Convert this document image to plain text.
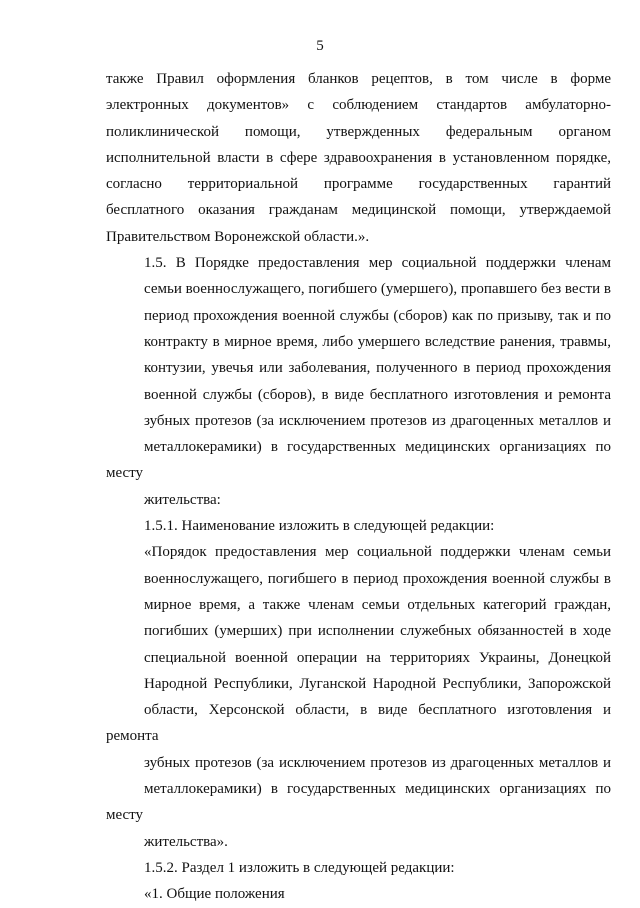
5

также Правил оформления бланков рецептов, в том числе в форме
электронных документов» с соблюдением стандартов амбулаторно-
поликлинической помощи, утвержденных федеральным органом
исполнительной власти в сфере здравоохранения в установленном порядке,
согласно территориальной программе государственных гарантий
бесплатного оказания гражданам медицинской помощи, утверждаемой
Правительством Воронежской области.».

1.5. В Порядке предоставления мер социальной поддержки членам
семьи военнослужащего, погибшего (умершего), пропавшего без вести в
период прохождения военной службы (сборов) как по призыву, так и по
контракту в мирное время, либо умершего вследствие ранения, травмы,
контузии, увечья или заболевания, полученного в период прохождения
военной службы (сборов), в виде бесплатного изготовления и ремонта
зубных протезов (за исключением протезов из драгоценных металлов и
металлокерамики) в государственных медицинских организациях по месту
жительства:

1.5.1. Наименование изложить в следующей редакции:

«Порядок предоставления мер социальной поддержки членам семьи
военнослужащего, погибшего в период прохождения военной службы в
мирное время, а также членам семьи отдельных категорий граждан,
погибших (умерших) при исполнении служебных обязанностей в ходе
специальной военной операции на территориях Украины, Донецкой
Народной Республики, Луганской Народной Республики, Запорожской
области, Херсонской области, в виде бесплатного изготовления и ремонта
зубных протезов (за исключением протезов из драгоценных металлов и
металлокерамики) в государственных медицинских организациях по месту
жительства».

1.5.2. Раздел 1 изложить в следующей редакции:

«1. Общие положения
